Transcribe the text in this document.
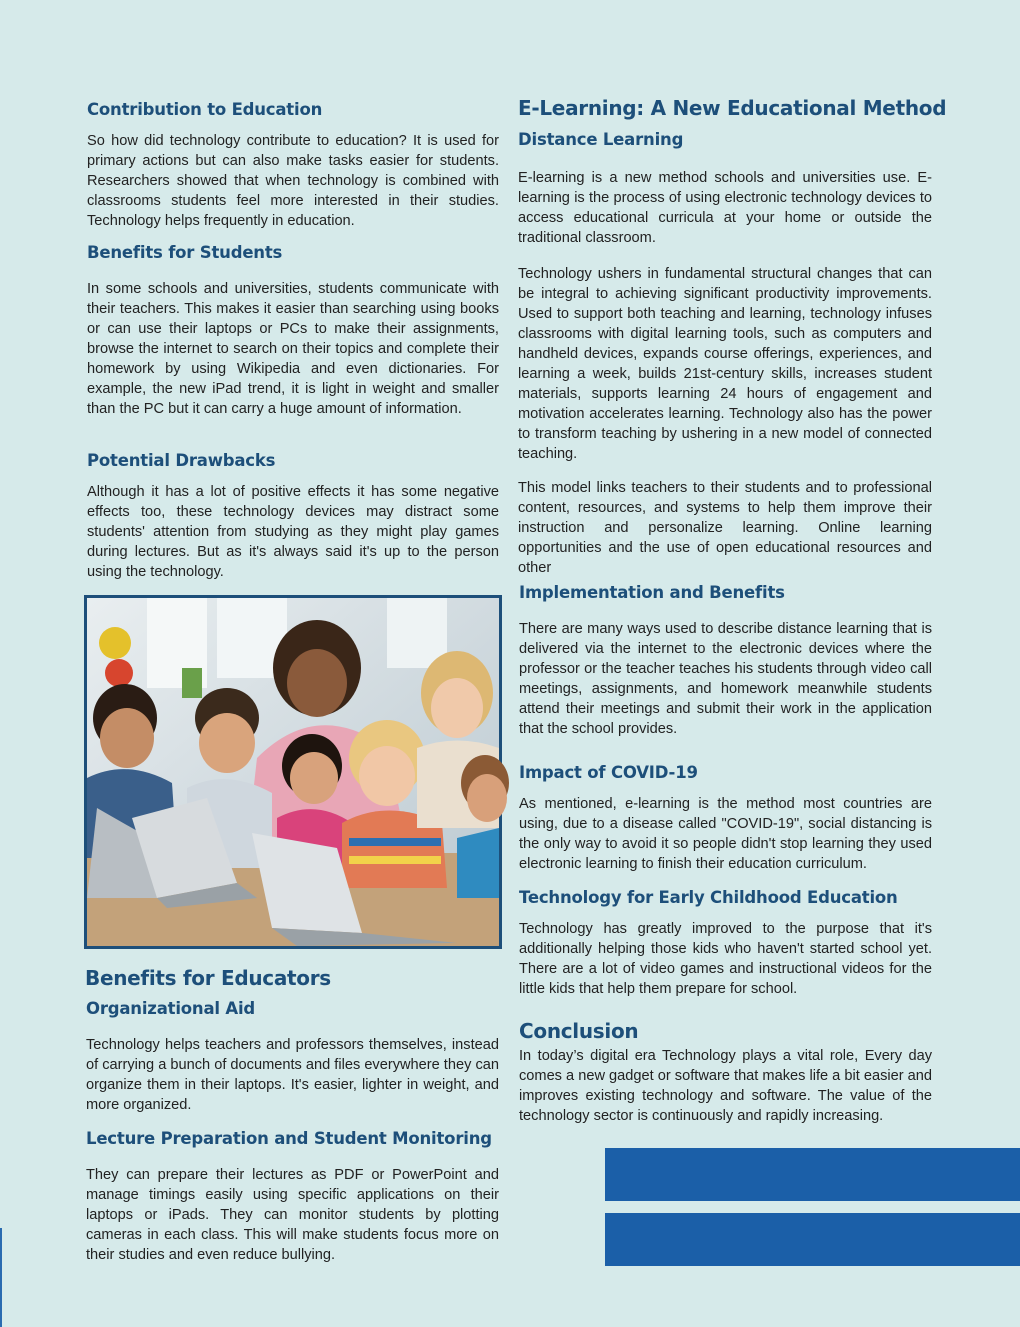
Contribution to Education

So how did technology contribute to education? It is used for primary actions but can also make tasks easier for students. Researchers showed that when technology is combined with classrooms students feel more interested in their studies. Technology helps frequently in education.

Benefits for Students

In some schools and universities, students communicate with their teachers. This makes it easier than searching using books or can use their laptops or PCs to make their assignments, browse the internet to search on their topics and complete their homework by using Wikipedia and even dictionaries. For example, the new iPad trend, it is light in weight and smaller than the PC but it can carry a huge amount of information.

Potential Drawbacks

Although it has a lot of positive effects it has some negative effects too, these technology devices may distract some students' attention from studying as they might play games during lectures. But as it's always said it's up to the person using the technology.

Benefits for Educators
Organizational Aid

Technology helps teachers and professors themselves, instead of carrying a bunch of documents and files everywhere they can organize them in their laptops. It's easier, lighter in weight, and more organized.

Lecture Preparation and Student Monitoring

They can prepare their lectures as PDF or PowerPoint and manage timings easily using specific applications on their laptops or iPads. They can monitor students by plotting cameras in each class. This will make students focus more on their studies and even reduce bullying.

E-Learning: A New Educational Method
Distance Learning

E-learning is a new method schools and universities use. E-learning is the process of using electronic technology devices to access educational curricula at your home or outside the traditional classroom.

Technology ushers in fundamental structural changes that can be integral to achieving significant productivity improvements. Used to support both teaching and learning, technology infuses classrooms with digital learning tools, such as computers and handheld devices, expands course offerings, experiences, and learning a week, builds 21st-century skills, increases student materials, supports learning 24 hours of engagement and motivation accelerates learning. Technology also has the power to transform teaching by ushering in a new model of connected teaching.

This model links teachers to their students and to professional content, resources, and systems to help them improve their instruction and personalize learning. Online learning opportunities and the use of open educational resources and other

Implementation and Benefits

There are many ways used to describe distance learning that is delivered via the internet to the electronic devices where the professor or the teacher teaches his students through video call meetings, assignments, and homework meanwhile students attend their meetings and submit their work in the application that the school provides.

Impact of COVID-19

As mentioned, e-learning is the method most countries are using, due to a disease called "COVID-19", social distancing is the only way to avoid it so people didn't stop learning they used electronic learning to finish their education curriculum.

Technology for Early Childhood Education

Technology has greatly improved to the purpose that it's additionally helping those kids who haven't started school yet. There are a lot of video games and instructional videos for the little kids that help them prepare for school.

Conclusion

In today’s digital era Technology plays a vital role, Every day comes a new gadget or software that makes life a bit easier and improves existing technology and software. The value of the technology sector is continuously and rapidly increasing.
